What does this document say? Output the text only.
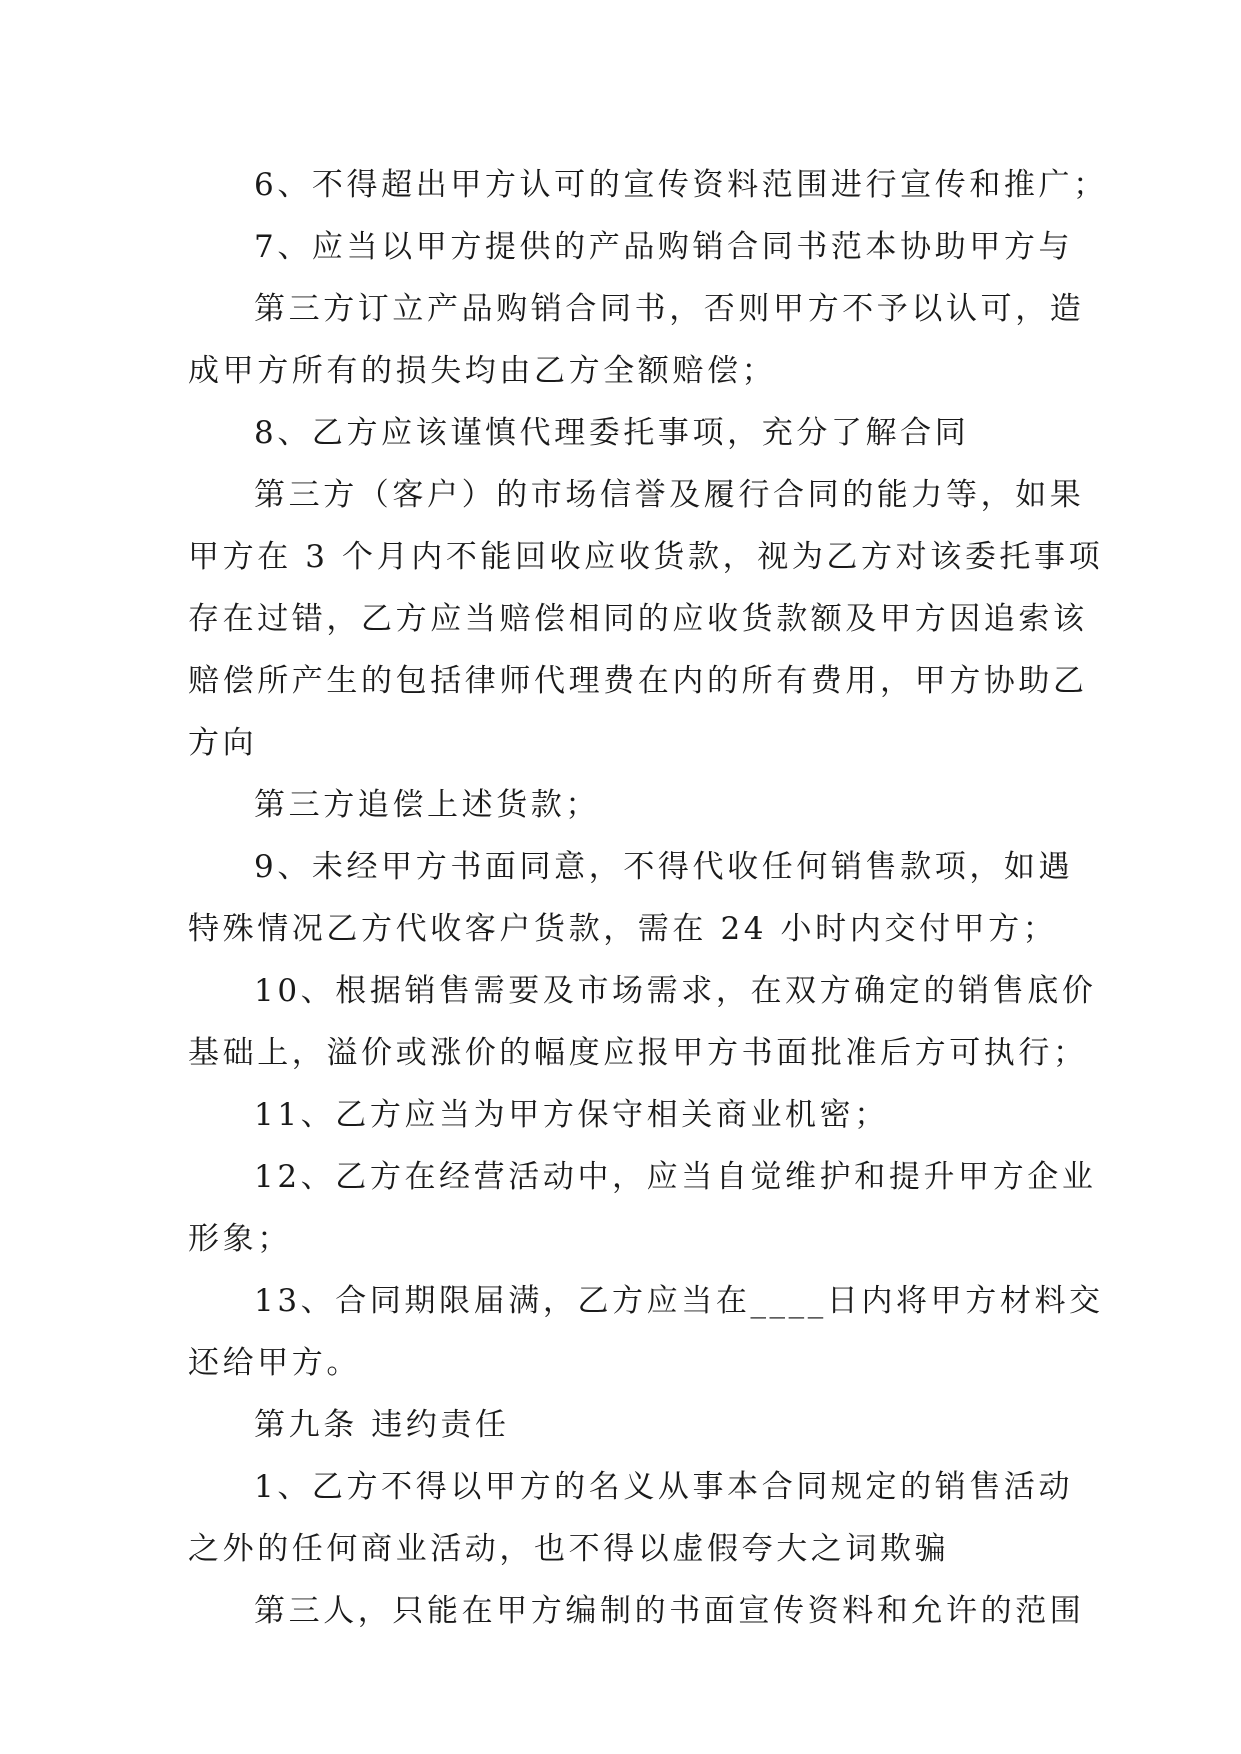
6、不得超出甲方认可的宣传资料范围进行宣传和推广；
7、应当以甲方提供的产品购销合同书范本协助甲方与
第三方订立产品购销合同书，否则甲方不予以认可，造
成甲方所有的损失均由乙方全额赔偿；
8、乙方应该谨慎代理委托事项，充分了解合同
第三方（客户）的市场信誉及履行合同的能力等，如果
甲方在 3 个月内不能回收应收货款，视为乙方对该委托事项
存在过错，乙方应当赔偿相同的应收货款额及甲方因追索该
赔偿所产生的包括律师代理费在内的所有费用，甲方协助乙
方向
第三方追偿上述货款；
9、未经甲方书面同意，不得代收任何销售款项，如遇
特殊情况乙方代收客户货款，需在 24 小时内交付甲方；
10、根据销售需要及市场需求，在双方确定的销售底价
基础上，溢价或涨价的幅度应报甲方书面批准后方可执行；
11、乙方应当为甲方保守相关商业机密；
12、乙方在经营活动中，应当自觉维护和提升甲方企业
形象；
13、合同期限届满，乙方应当在____日内将甲方材料交
还给甲方。
第九条 违约责任
1、乙方不得以甲方的名义从事本合同规定的销售活动
之外的任何商业活动，也不得以虚假夸大之词欺骗
第三人，只能在甲方编制的书面宣传资料和允许的范围
